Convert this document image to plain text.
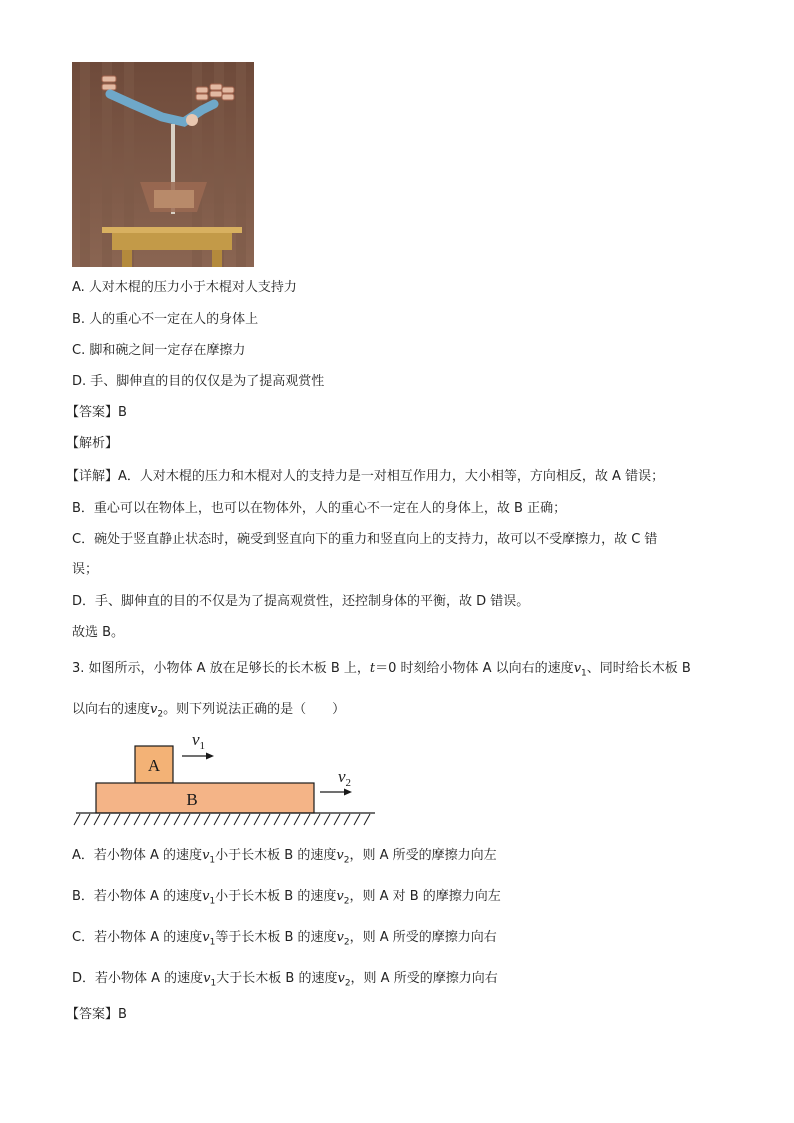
A. 人对木棍的压力小于木棍对人支持力
B. 人的重心不一定在人的身体上
C. 脚和碗之间一定存在摩擦力
D. 手、脚伸直的目的仅仅是为了提高观赏性
【答案】B
【解析】
【详解】A．人对木棍的压力和木棍对人的支持力是一对相互作用力，大小相等，方向相反，故 A 错误；
B．重心可以在物体上，也可以在物体外，人的重心不一定在人的身体上，故 B 正确；
C．碗处于竖直静止状态时，碗受到竖直向下的重力和竖直向上的支持力，故可以不受摩擦力，故 C 错
误；
D．手、脚伸直的目的不仅是为了提高观赏性，还控制身体的平衡，故 D 错误。
故选 B。
3. 如图所示，小物体 A 放在足够长的长木板 B 上，t＝0 时刻给小物体 A 以向右的速度$v_1$、同时给长木板 B
以向右的速度$v_2$。则下列说法正确的是（　　）
A
B
$v_1$
$v_2$
A．若小物体 A 的速度$v_1$小于长木板 B 的速度$v_2$，则 A 所受的摩擦力向左
B．若小物体 A 的速度$v_1$小于长木板 B 的速度$v_2$，则 A 对 B 的摩擦力向左
C．若小物体 A 的速度$v_1$等于长木板 B 的速度$v_2$，则 A 所受的摩擦力向右
D．若小物体 A 的速度$v_1$大于长木板 B 的速度$v_2$，则 A 所受的摩擦力向右
【答案】B
